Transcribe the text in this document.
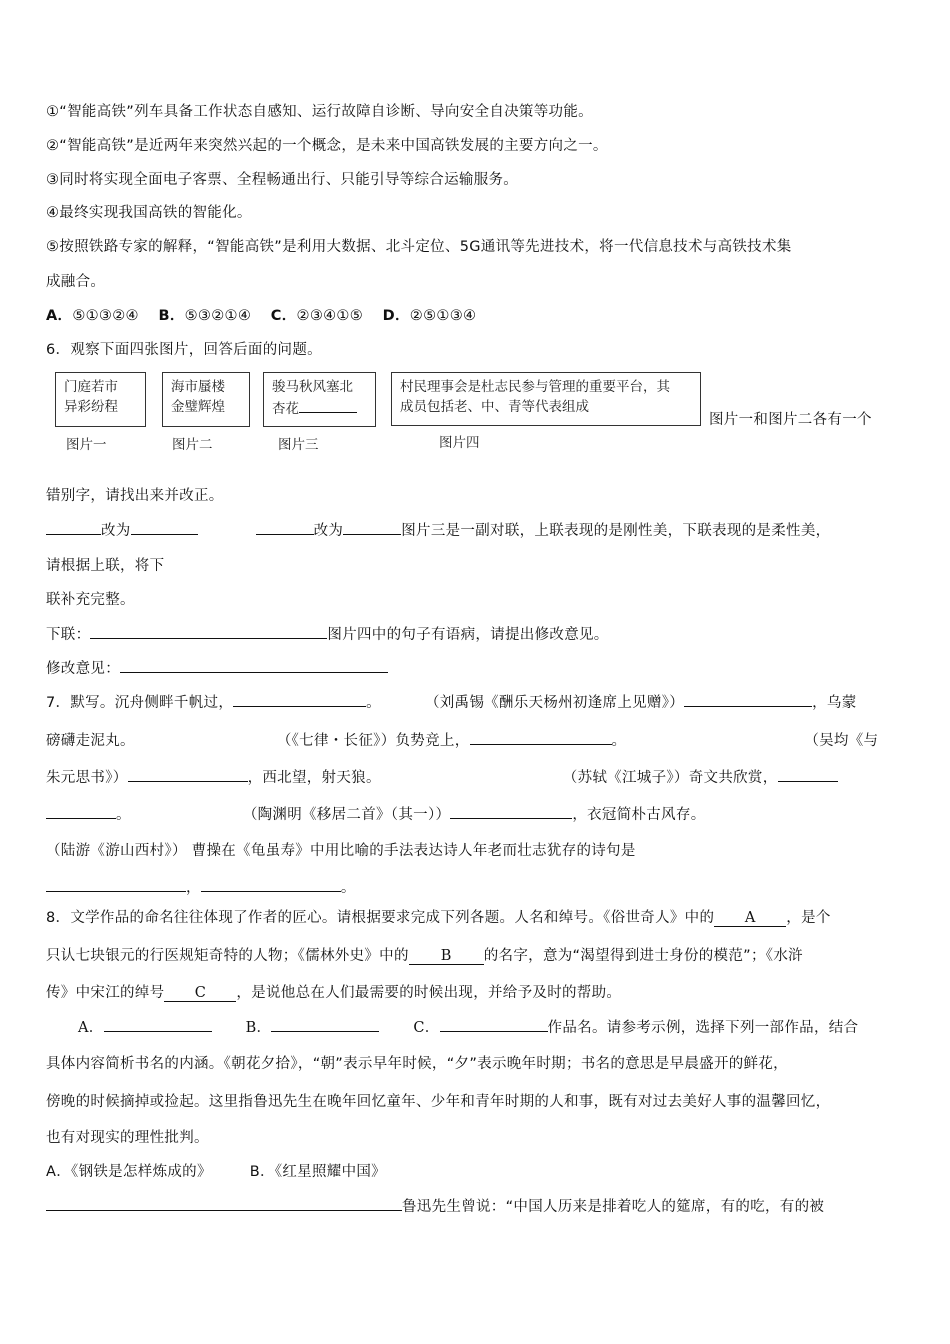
①“智能高铁”列车具备工作状态自感知、运行故障自诊断、导向安全自决策等功能。
②“智能高铁”是近两年来突然兴起的一个概念，是未来中国高铁发展的主要方向之一。
③同时将实现全面电子客票、全程畅通出行、只能引导等综合运输服务。
④最终实现我国高铁的智能化。
⑤按照铁路专家的解释，“智能高铁”是利用大数据、北斗定位、5G通讯等先进技术，将一代信息技术与高铁技术集
成融合。
A．⑤①③②④ B．⑤③②①④ C．②③④①⑤ D．②⑤①③④
6．观察下面四张图片，回答后面的问题。
门庭若市
异彩纷程
图片一
海市蜃楼
金璧辉煌
图片二
骏马秋风塞北
杏花
图片三
村民理事会是杜志民参与管理的重要平台，其
成员包括老、中、青等代表组成
图片四
图片一和图片二各有一个
错别字，请找出来并改正。
改为	改为	图片三是一副对联，上联表现的是刚性美，下联表现的是柔性美，
请根据上联，将下
联补充完整。
下联：	图片四中的句子有语病，请提出修改意见。
修改意见：
7．默写。沉舟侧畔千帆过，	。	（刘禹锡《酬乐天杨州初逢席上见赠》）	，乌蒙
磅礴走泥丸。	（《七律・长征》）负势竞上，	。	（吴均《与
朱元思书》）	，西北望，射天狼。	（苏轼《江城子》）奇文共欣赏，
。	（陶渊明《移居二首》（其一））	，衣冠简朴古风存。
（陆游《游山西村》） 曹操在《龟虽寿》中用比喻的手法表达诗人年老而壮志犹存的诗句是
，	。
8．文学作品的命名往往体现了作者的匠心。请根据要求完成下列各题。人名和绰号。《俗世奇人》中的 A ，是个
只认七块银元的行医规矩奇特的人物；《儒林外史》中的 B 的名字，意为“渴望得到进士身份的模范”；《水浒
传》中宋江的绰号 C ，是说他总在人们最需要的时候出现，并给予及时的帮助。
A．	B．	C．	作品名。请参考示例，选择下列一部作品，结合
具体内容简析书名的内涵。《朝花夕拾》，“朝”表示早年时候，“夕”表示晚年时期；书名的意思是早晨盛开的鲜花，
傍晚的时候摘掉或捡起。这里指鲁迅先生在晚年回忆童年、少年和青年时期的人和事，既有对过去美好人事的温馨回忆，
也有对现实的理性批判。
A．《钢铁是怎样炼成的》	B．《红星照耀中国》
鲁迅先生曾说：“中国人历来是排着吃人的筵席，有的吃，有的被
